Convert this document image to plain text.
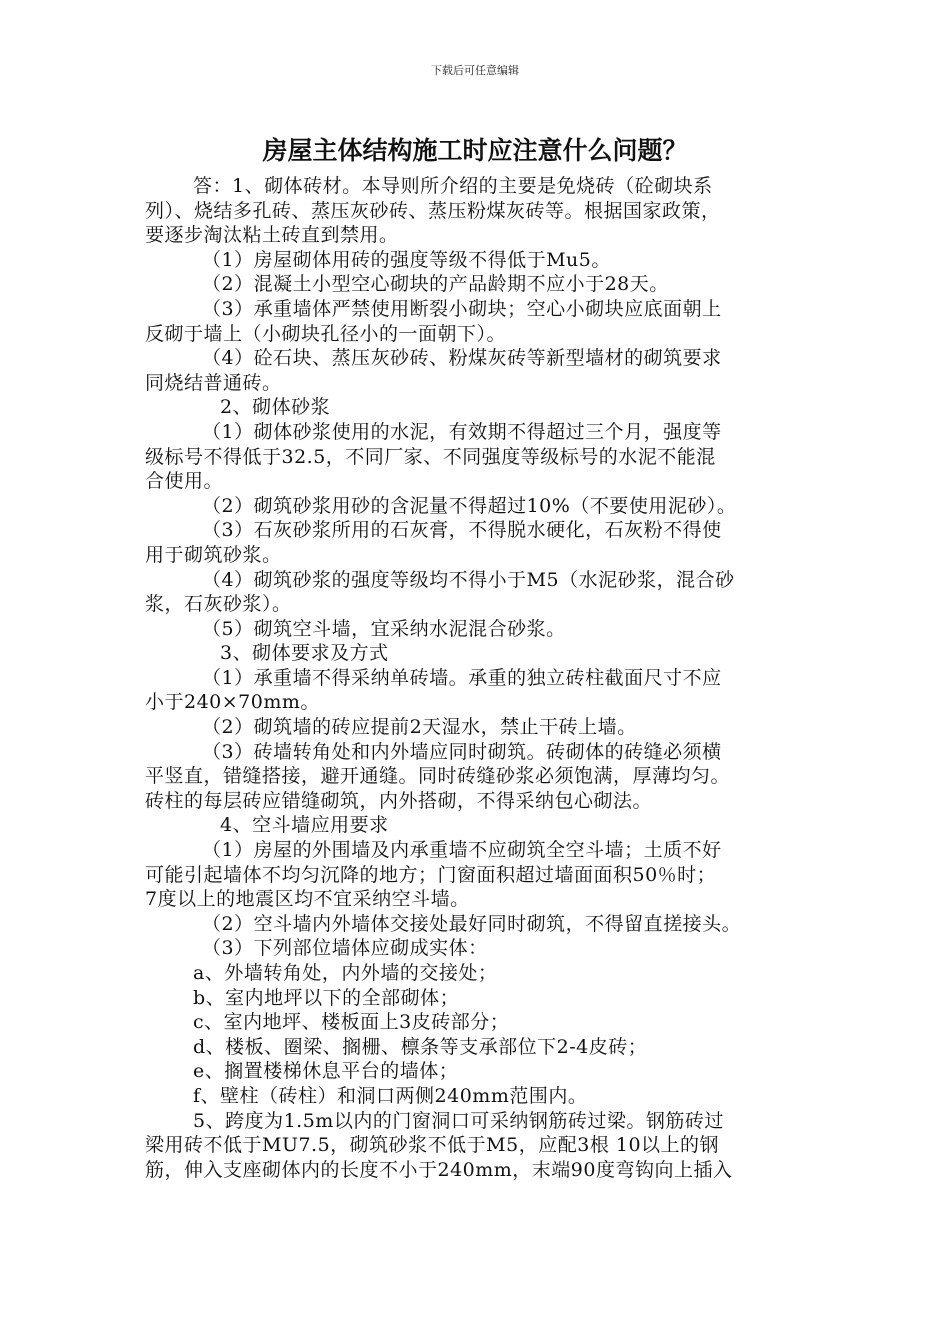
下载后可任意编辑
房屋主体结构施工时应注意什么问题？
答：1、砌体砖材。本导则所介绍的主要是免烧砖（砼砌块系
列）、烧结多孔砖、蒸压灰砂砖、蒸压粉煤灰砖等。根据国家政策，
要逐步淘汰粘土砖直到禁用。
（1）房屋砌体用砖的强度等级不得低于Mu5。
（2）混凝土小型空心砌块的产品龄期不应小于28天。
（3）承重墙体严禁使用断裂小砌块；空心小砌块应底面朝上
反砌于墙上（小砌块孔径小的一面朝下）。
（4）砼石块、蒸压灰砂砖、粉煤灰砖等新型墙材的砌筑要求
同烧结普通砖。
2、砌体砂浆
（1）砌体砂浆使用的水泥，有效期不得超过三个月，强度等
级标号不得低于32.5，不同厂家、不同强度等级标号的水泥不能混
合使用。
（2）砌筑砂浆用砂的含泥量不得超过10%（不要使用泥砂）。
（3）石灰砂浆所用的石灰膏，不得脱水硬化，石灰粉不得使
用于砌筑砂浆。
（4）砌筑砂浆的强度等级均不得小于M5（水泥砂浆，混合砂
浆，石灰砂浆）。
（5）砌筑空斗墙，宜采纳水泥混合砂浆。
3、砌体要求及方式
（1）承重墙不得采纳单砖墙。承重的独立砖柱截面尺寸不应
小于240×70mm。
（2）砌筑墙的砖应提前2天湿水，禁止干砖上墙。
（3）砖墙转角处和内外墙应同时砌筑。砖砌体的砖缝必须横
平竖直，错缝搭接，避开通缝。同时砖缝砂浆必须饱满，厚薄均匀。
砖柱的每层砖应错缝砌筑，内外搭砌，不得采纳包心砌法。
4、空斗墙应用要求
（1）房屋的外围墙及内承重墙不应砌筑全空斗墙；土质不好
可能引起墙体不均匀沉降的地方；门窗面积超过墙面面积50％时；
7度以上的地震区均不宜采纳空斗墙。
（2）空斗墙内外墙体交接处最好同时砌筑，不得留直搓接头。
（3）下列部位墙体应砌成实体：
a、外墙转角处，内外墙的交接处；
b、室内地坪以下的全部砌体；
c、室内地坪、楼板面上3皮砖部分；
d、楼板、圈梁、搁栅、檩条等支承部位下2-4皮砖；
e、搁置楼梯休息平台的墙体；
f、壁柱（砖柱）和洞口两侧240mm范围内。
5、跨度为1.5m以内的门窗洞口可采纳钢筋砖过梁。钢筋砖过
梁用砖不低于MU7.5，砌筑砂浆不低于M5，应配3根 10以上的钢
筋，伸入支座砌体内的长度不小于240mm，末端90度弯钩向上插入
